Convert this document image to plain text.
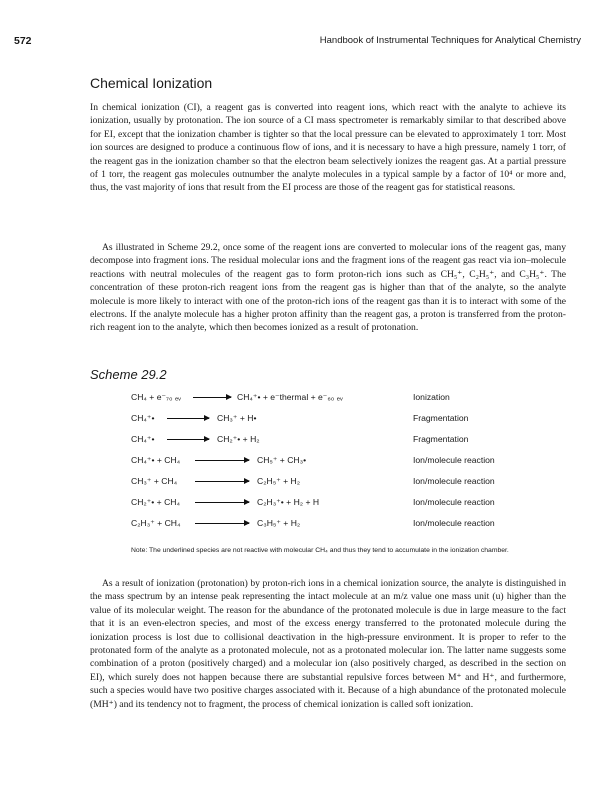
572	Handbook of Instrumental Techniques for Analytical Chemistry
Chemical Ionization

In chemical ionization (CI), a reagent gas is converted into reagent ions, which react with the analyte to achieve its ionization, usually by protonation. The ion source of a CI mass spectrometer is remarkably similar to that described above for EI, except that the ionization chamber is tighter so that the local pressure can be elevated to approximately 1 torr. Most ion sources are designed to produce a continuous flow of ions, and it is necessary to have a high pressure, namely 1 torr, of the reagent gas in the ionization chamber so that the electron beam selectively ionizes the reagent gas. At a partial pressure of 1 torr, the reagent gas molecules outnumber the analyte molecules in a typical sample by a factor of 10⁴ or more and, thus, the vast majority of ions that result from the EI process are those of the reagent gas for statistical reasons.

As illustrated in Scheme 29.2, once some of the reagent ions are converted to molecular ions of the reagent gas, many decompose into fragment ions. The residual molecular ions and the fragment ions of the reagent gas react via ion–molecule reactions with neutral molecules of the reagent gas to form proton-rich ions such as CH₅⁺, C₂H₅⁺, and C₃H₅⁺. The concentration of these proton-rich reagent ions from the reagent gas is higher than that of the analyte, so the analyte molecule is more likely to interact with one of the proton-rich ions of the reagent gas than it is to interact with some of the electrons. If the analyte molecule has a higher proton affinity than the reagent gas, a proton is transferred from the proton-rich reagent ion to the analyte, which then becomes ionized as a result of protonation.

Scheme 29.2
CH₄ + e⁻₇₀ ₑᵥ	CH₄⁺• + e⁻thermal + e⁻₆₀ ₑᵥ	Ionization
CH₄⁺•	CH₃⁺ + H•	Fragmentation
CH₄⁺•	CH₂⁺• + H₂	Fragmentation
CH₄⁺• + CH₄	CH₅⁺ + CH₃•	Ion/molecule reaction
CH₃⁺ + CH₄	C₂H₅⁺ + H₂	Ion/molecule reaction
CH₂⁺• + CH₄	C₂H₃⁺• + H₂ + H	Ion/molecule reaction
C₂H₃⁺ + CH₄	C₃H₅⁺ + H₂	Ion/molecule reaction
Note: The underlined species are not reactive with molecular CH₄ and thus they tend to accumulate in the ionization chamber.

As a result of ionization (protonation) by proton-rich ions in a chemical ionization source, the analyte is distinguished in the mass spectrum by an intense peak representing the intact molecule at an m/z value one mass unit (u) higher than the value of its molecular weight. The reason for the abundance of the protonated molecule is due in large measure to the fact that it is an even-electron species, and most of the excess energy transferred to the protonated molecule during the ionization process is lost due to collisional deactivation in the high-pressure environment. It is proper to refer to the protonated form of the analyte as a protonated molecule, not as a protonated molecular ion. The latter name suggests some combination of a proton (positively charged) and a molecular ion (also positively charged, as described in the section on EI), which surely does not happen because there are substantial repulsive forces between M⁺ and H⁺, and furthermore, such a species would have two positive charges associated with it. Because of a high abundance of the protonated molecule (MH⁺) and its tendency not to fragment, the process of chemical ionization is called soft ionization.
